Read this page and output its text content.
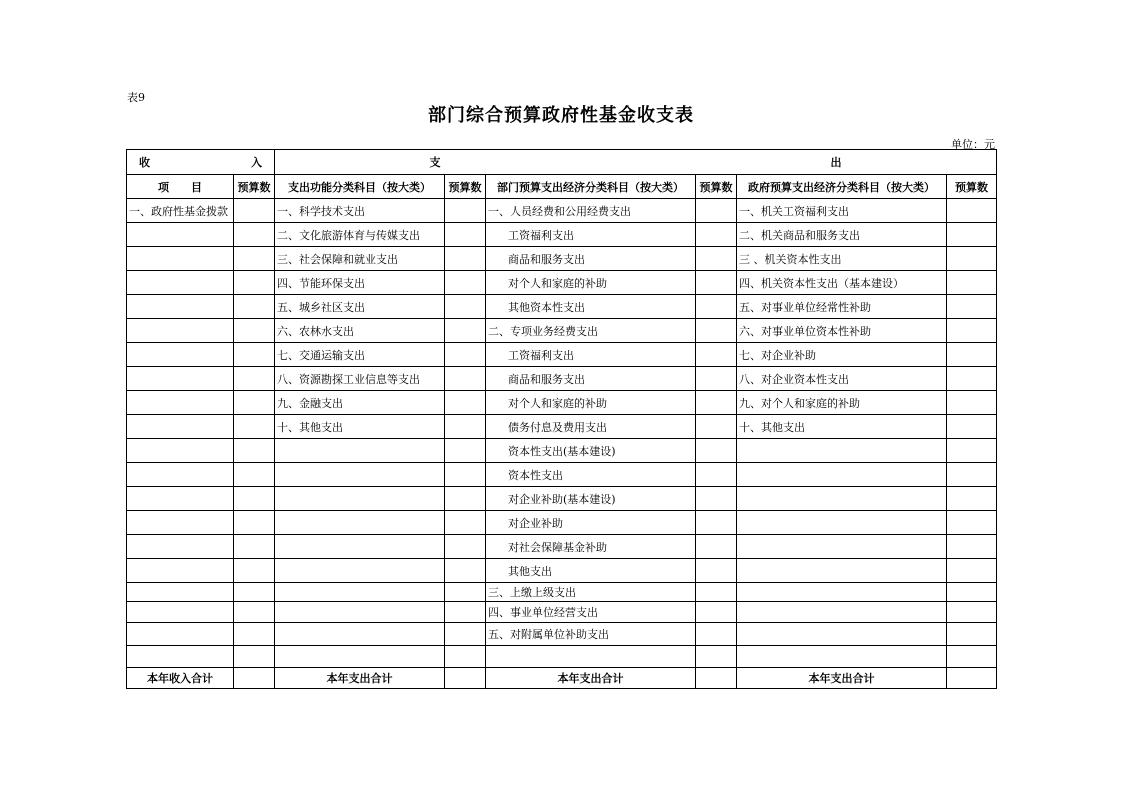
表9
部门综合预算政府性基金收支表
单位：元
收 入		支 出					

项　　目	预算数	支出功能分类科目（按大类）	预算数	部门预算支出经济分类科目（按大类）	预算数	政府预算支出经济分类科目（按大类）	预算数
一、政府性基金拨款		一、科学技术支出		一、人员经费和公用经费支出		一、机关工资福利支出	
		二、文化旅游体育与传媒支出		工资福利支出		二、机关商品和服务支出	
		三、社会保障和就业支出		商品和服务支出		三 、机关资本性支出	
		四、节能环保支出		对个人和家庭的补助		四、机关资本性支出（基本建设）	
		五、城乡社区支出		其他资本性支出		五、对事业单位经常性补助	
		六、农林水支出		二、专项业务经费支出		六、对事业单位资本性补助	
		七、交通运输支出		工资福利支出		七、对企业补助	
		八、资源勘探工业信息等支出		商品和服务支出		八、对企业资本性支出	
		九、金融支出		对个人和家庭的补助		九、对个人和家庭的补助	
		十、其他支出		债务付息及费用支出		十、其他支出	
				资本性支出(基本建设)			
				资本性支出			
				对企业补助(基本建设)			
				对企业补助			
				对社会保障基金补助			
				其他支出			
				三、上缴上级支出			
				四、事业单位经营支出			
				五、对附属单位补助支出			

本年收入合计		本年支出合计		本年支出合计		本年支出合计	
